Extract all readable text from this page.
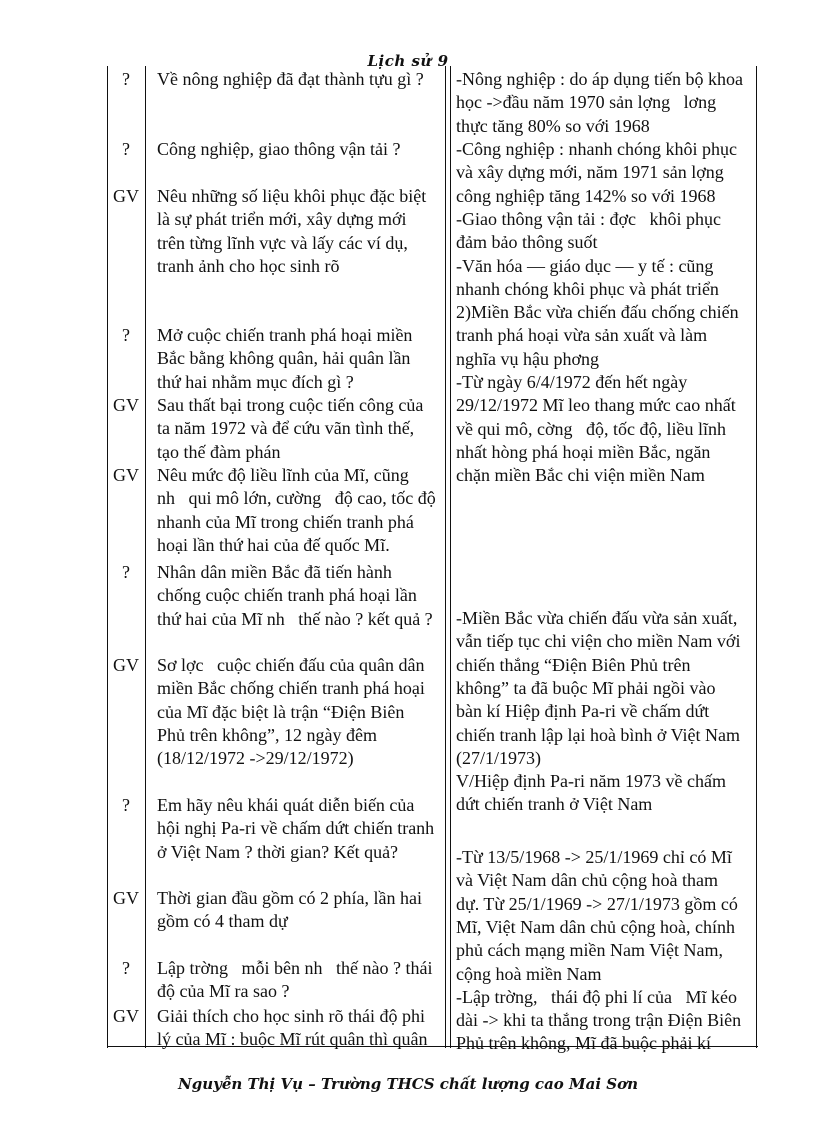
Lịch sử 9
?
?
GV
?
GV
GV
?
GV
?
GV
?
GV
Về nông nghiệp đã đạt thành tựu gì ?
Công nghiệp, giao thông vận tải ?
Nêu những số liệu khôi phục đặc biệt
là sự phát triển mới, xây dựng mới
trên từng lĩnh vực và lấy các ví dụ,
tranh ảnh cho học sinh rõ
Mở cuộc chiến tranh phá hoại miền
Bắc bằng không quân, hải quân lần
thứ hai nhằm mục đích gì ?
Sau thất bại trong cuộc tiến công của
ta năm 1972 và để cứu vãn tình thế,
tạo thế đàm phán
Nêu mức độ liều lĩnh của Mĩ, cũng
nh   qui mô lớn, cường   độ cao, tốc độ
nhanh của Mĩ trong chiến tranh phá
hoại lần thứ hai của đế quốc Mĩ.
Nhân dân miền Bắc đã tiến hành
chống cuộc chiến tranh phá hoại lần
thứ hai của Mĩ nh   thế nào ? kết quả ?
Sơ lợc   cuộc chiến đấu của quân dân
miền Bắc chống chiến tranh phá hoại
của Mĩ đặc biệt là trận “Điện Biên
Phủ trên không”, 12 ngày đêm
(18/12/1972 ->29/12/1972)
Em hãy nêu khái quát diễn biến của
hội nghị Pa-ri về chấm dứt chiến tranh
ở Việt Nam ? thời gian? Kết quả?
Thời gian đầu gồm có 2 phía, lần hai
gồm có 4 tham dự
Lập trờng   mỗi bên nh   thế nào ? thái
độ của Mĩ ra sao ?
Giải thích cho học sinh rõ thái độ phi
lý của Mĩ : buộc Mĩ rút quân thì quân
-Nông nghiệp : do áp dụng tiến bộ khoa
học ->đầu năm 1970 sản lợng   lơng
thực tăng 80% so với 1968
-Công nghiệp : nhanh chóng khôi phục
và xây dựng mới, năm 1971 sản lợng
công nghiệp tăng 142% so với 1968
-Giao thông vận tải : đợc   khôi phục
đảm bảo thông suốt
-Văn hóa — giáo dục — y tế : cũng
nhanh chóng khôi phục và phát triển
2)Miền Bắc vừa chiến đấu chống chiến
tranh phá hoại vừa sản xuất và làm
nghĩa vụ hậu phơng
-Từ ngày 6/4/1972 đến hết ngày
29/12/1972 Mĩ leo thang mức cao nhất
về qui mô, cờng   độ, tốc độ, liều lĩnh
nhất hòng phá hoại miền Bắc, ngăn
chặn miền Bắc chi viện miền Nam
-Miền Bắc vừa chiến đấu vừa sản xuất,
vẫn tiếp tục chi viện cho miền Nam với
chiến thắng “Điện Biên Phủ trên
không” ta đã buộc Mĩ phải ngồi vào
bàn kí Hiệp định Pa-ri về chấm dứt
chiến tranh lập lại hoà bình ở Việt Nam
(27/1/1973)
V/Hiệp định Pa-ri năm 1973 về chấm
dứt chiến tranh ở Việt Nam
-Từ 13/5/1968 -> 25/1/1969 chỉ có Mĩ
và Việt Nam dân chủ cộng hoà tham
dự. Từ 25/1/1969 -> 27/1/1973 gồm có
Mĩ, Việt Nam dân chủ cộng hoà, chính
phủ cách mạng miền Nam Việt Nam,
cộng hoà miền Nam
-Lập trờng,   thái độ phi lí của   Mĩ kéo
dài -> khi ta thắng trong trận Điện Biên
Phủ trên không, Mĩ đã buộc phải kí
Nguyễn Thị Vụ – Trường THCS chất lượng cao Mai Sơn
